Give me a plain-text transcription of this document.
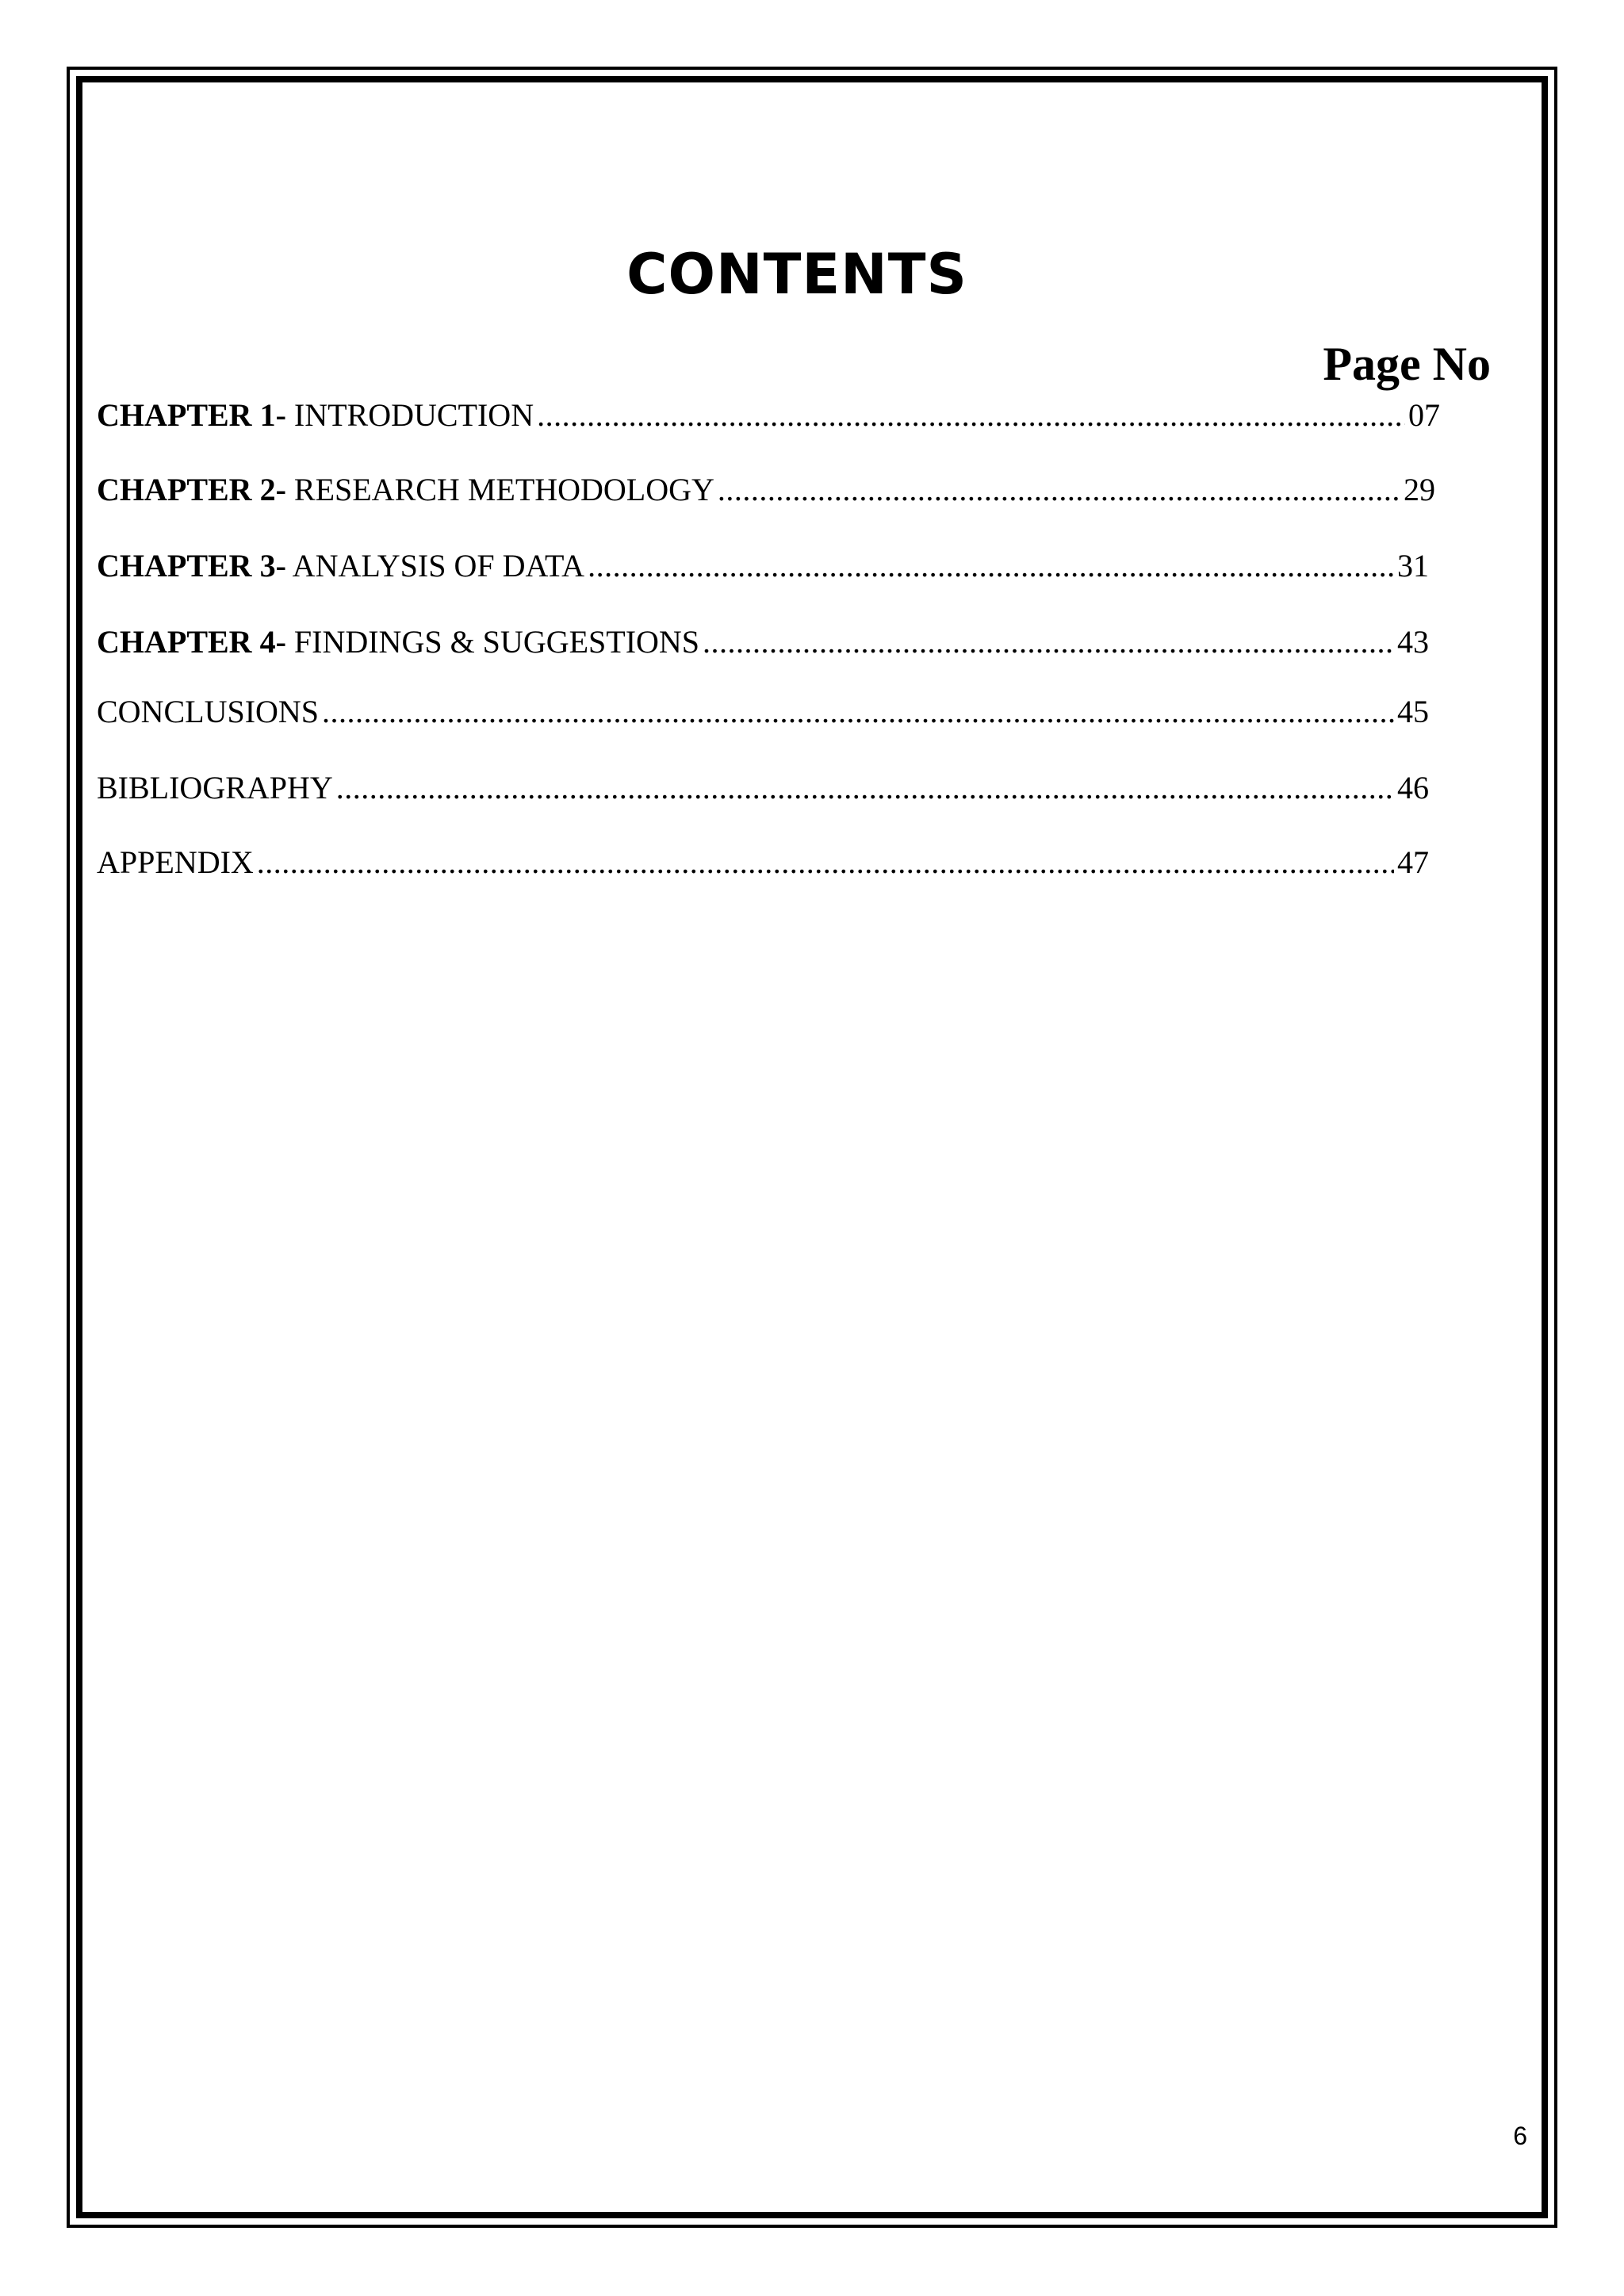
CONTENTS
Page No
CHAPTER 1- INTRODUCTION .....	07
CHAPTER 2- RESEARCH METHODOLOGY .....	29
CHAPTER 3- ANALYSIS OF DATA .....	31
CHAPTER 4- FINDINGS & SUGGESTIONS .....	43
CONCLUSIONS .....	45
BIBLIOGRAPHY .....	46
APPENDIX .....	47
6
